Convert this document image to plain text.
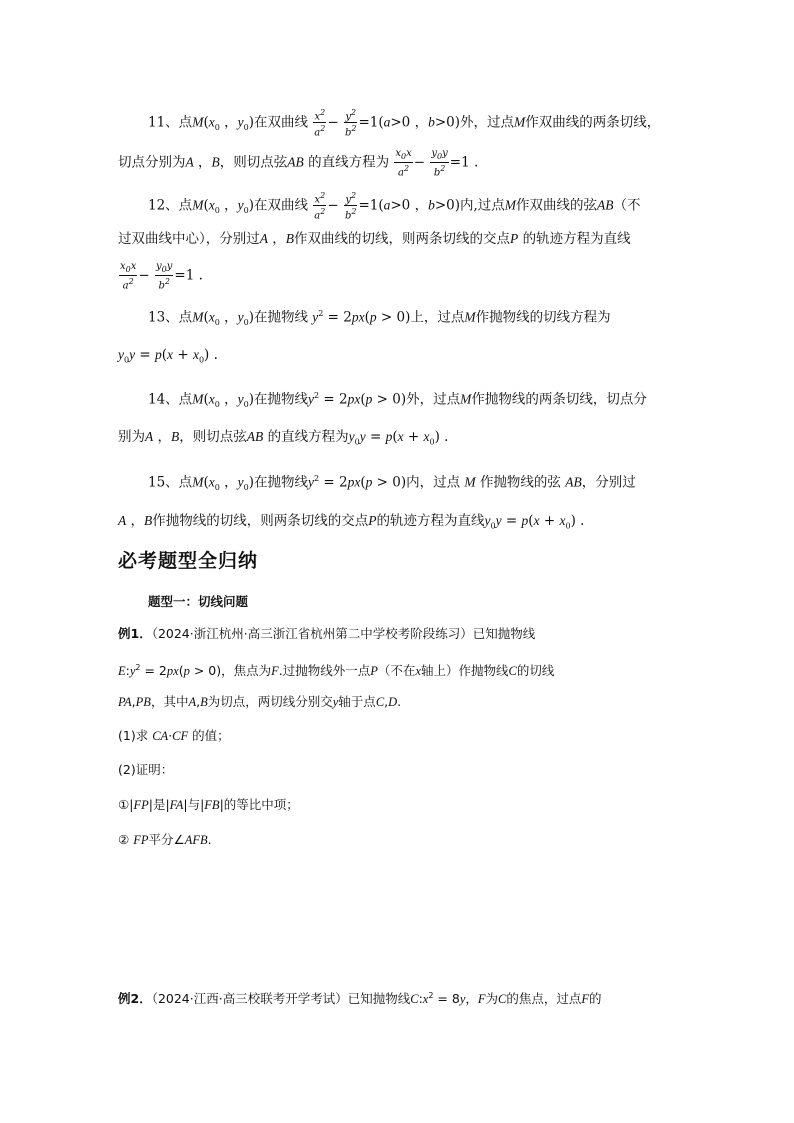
11、点$M(x_0$ ，$y_0$)在双曲线 $\frac{x^2}{a^2} - \frac{y^2}{b^2} =1(a>0$ ，b>0)外，过点M作双曲线的两条切线，
切点分别为A ，B，则切点弦AB 的直线方程为 $\frac{x_0x}{a^2} - \frac{y_0y}{b^2} =1$ .
12、点$M(x_0$ ，$y_0$)在双曲线 $\frac{x^2}{a^2} - \frac{y^2}{b^2} =1(a>0$ ，b>0)内,过点M作双曲线的弦AB（不
过双曲线中心），分别过A ，B作双曲线的切线，则两条切线的交点P 的轨迹方程为直线
$\frac{x_0x}{a^2} - \frac{y_0y}{b^2} =1$ .
13、点$M(x_0$ ，$y_0$)在抛物线 $y^2 = 2px(p > 0)$上，过点M作抛物线的切线方程为
$y_0y = p(x + x_0)$ .
14、点$M(x_0$ ，$y_0$)在抛物线$y^2 = 2px(p > 0)$外，过点M作抛物线的两条切线，切点分
别为A ，B，则切点弦AB 的直线方程为$y_0y = p(x + x_0)$ .
15、点$M(x_0$ ，$y_0$)在抛物线$y^2 = 2px(p > 0)$内，过点 M 作抛物线的弦 AB，分别过
A ，B作抛物线的切线，则两条切线的交点P的轨迹方程为直线$y_0y = p(x + x_0)$ .
必考题型全归纳
题型一：切线问题
例1．（2024·浙江杭州·高三浙江省杭州第二中学校考阶段练习）已知抛物线
$E:y^2 = 2px(p > 0)$，焦点为F.过抛物线外一点P（不在x轴上）作抛物线C的切线
PA,PB，其中A,B为切点，两切线分别交y轴于点C,D.
(1)求 CA·CF 的值；
(2)证明：
①|FP|是|FA|与|FB|的等比中项；
② FP平分∠AFB.
例2．（2024·江西·高三校联考开学考试）已知抛物线$C:x^2 = 8y$，F为C的焦点，过点F的
